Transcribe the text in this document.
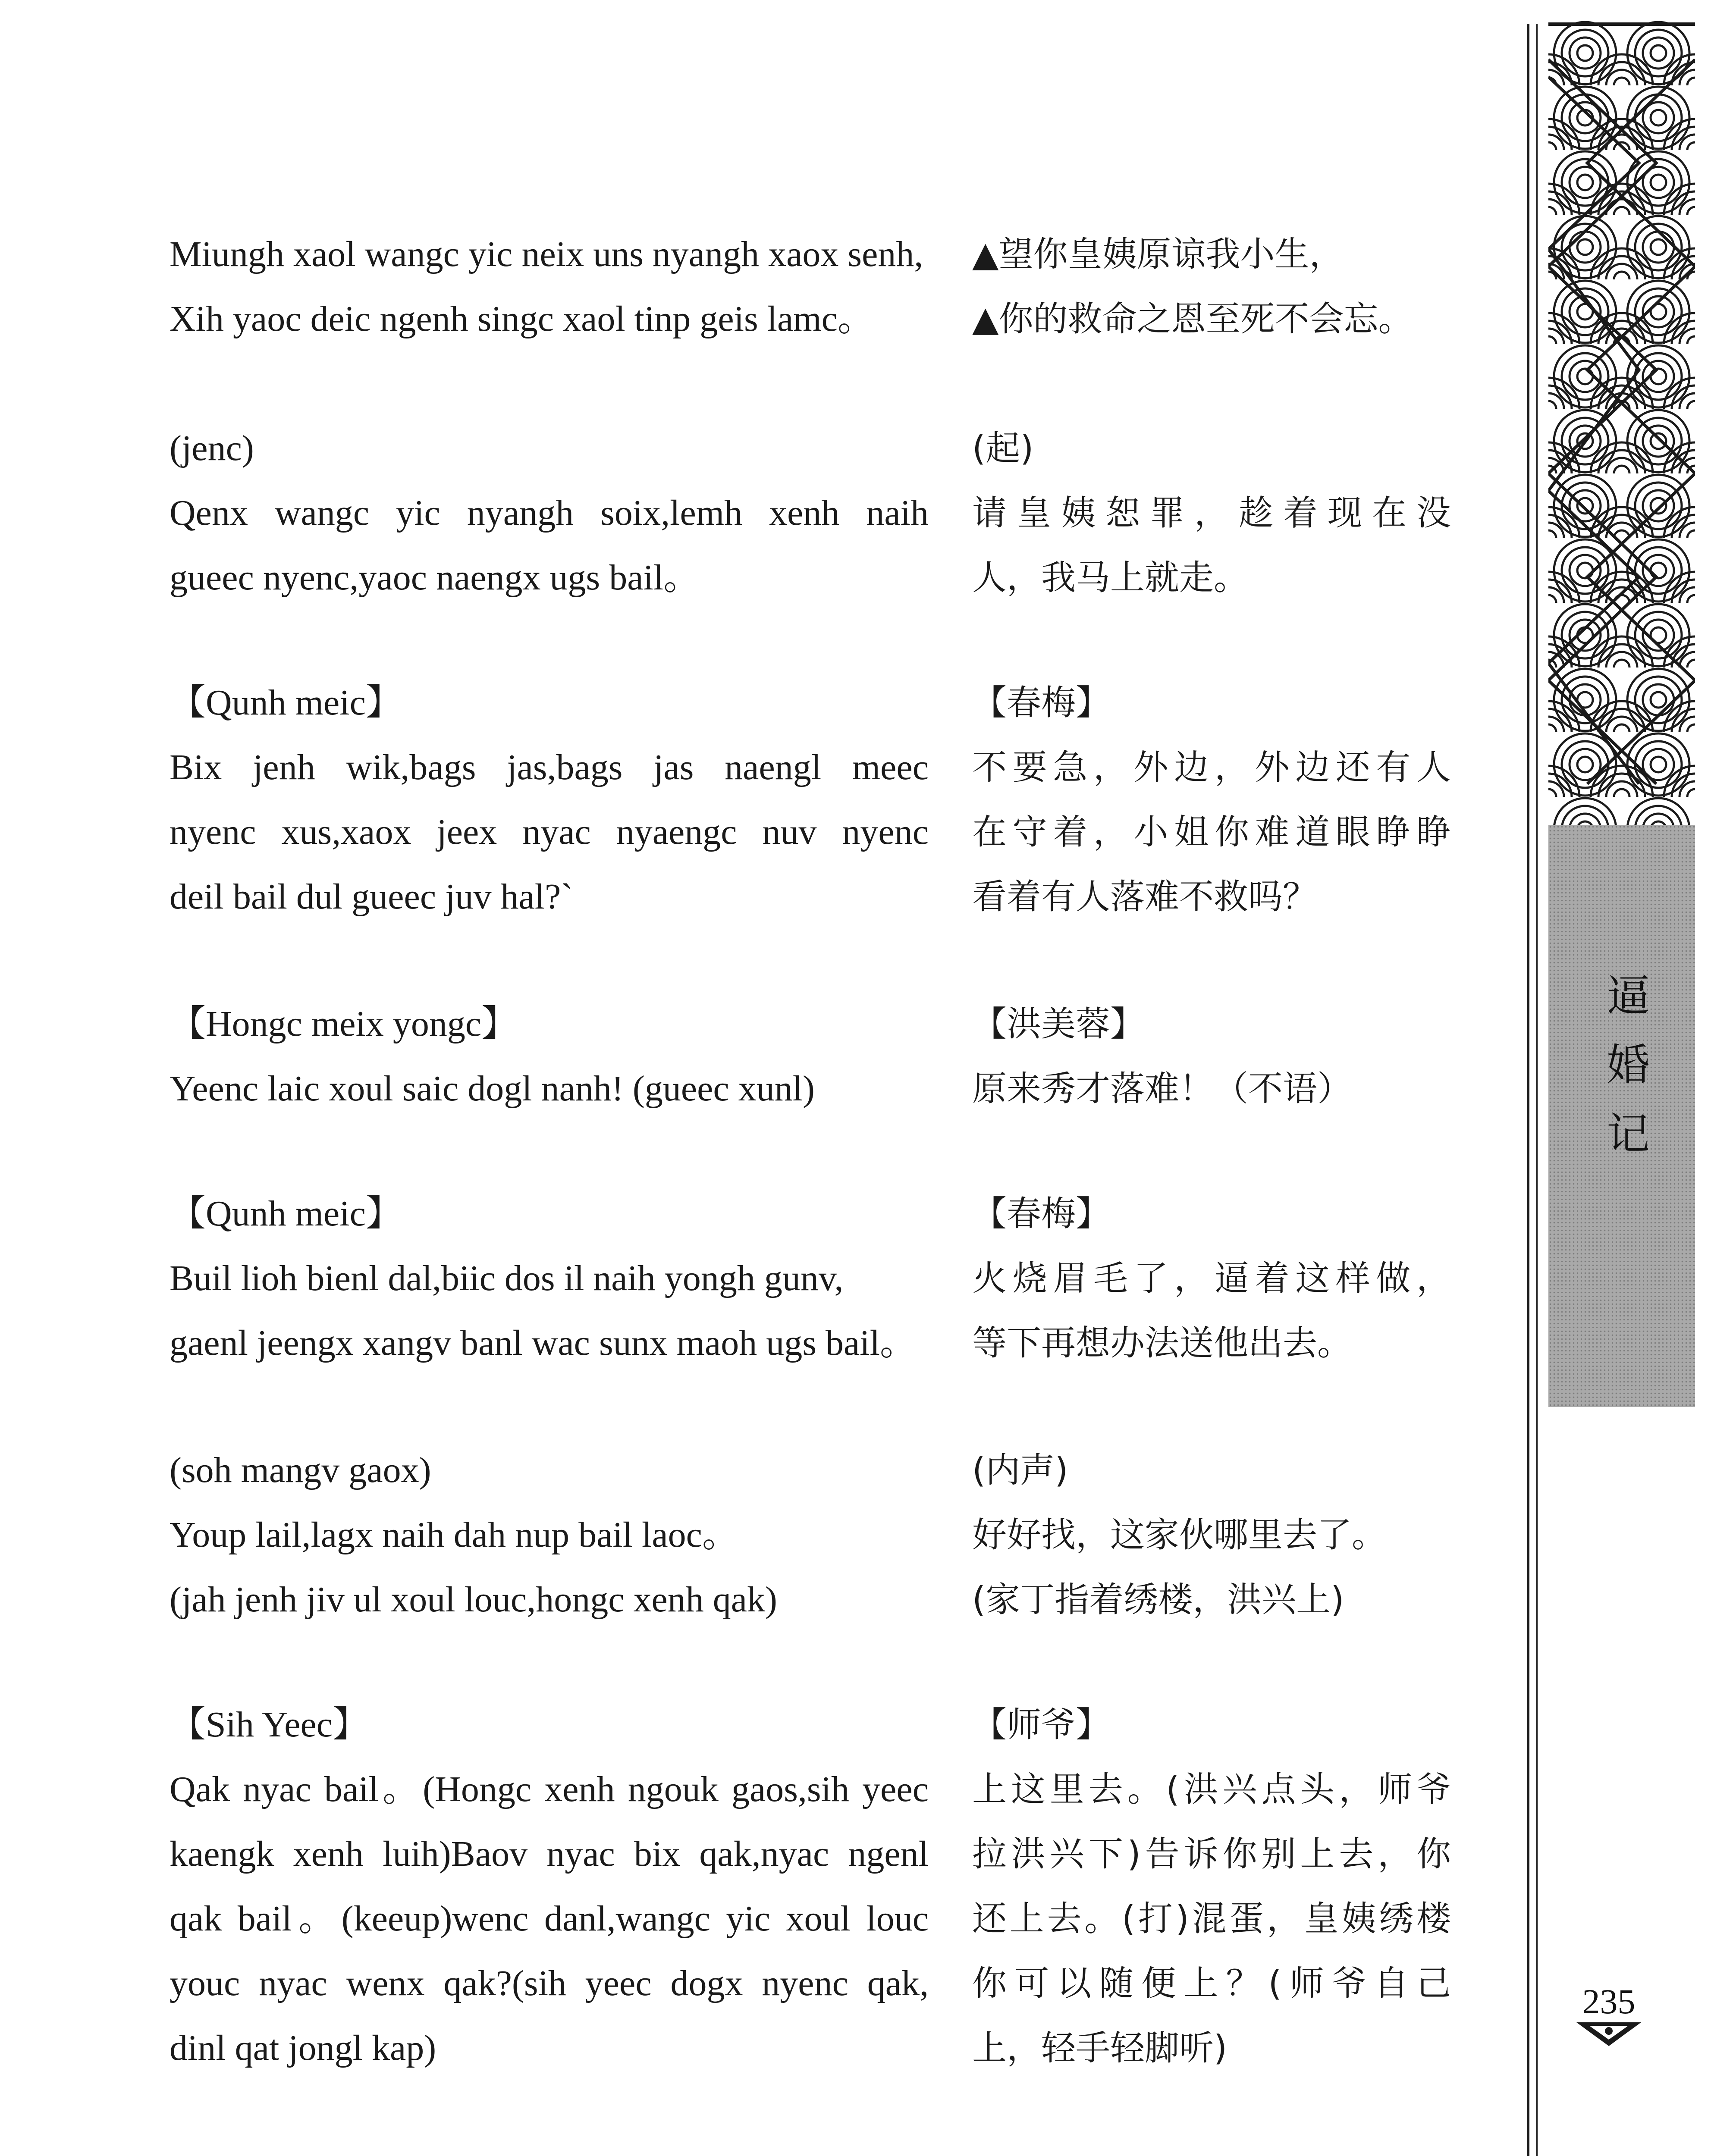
Miungh xaol wangc yic neix uns nyangh xaox senh,
Xih yaoc deic ngenh singc xaol tinp geis lamc。
(jenc)
Qenx wangc yic nyangh soix,lemh xenh naih
gueec nyenc,yaoc naengx ugs bail。
【Qunh meic】
Bix jenh wik,bags jas,bags jas naengl meec
nyenc xus,xaox jeex nyac nyaengc nuv nyenc
deil bail dul gueec juv hal?`
【Hongc meix yongc】
Yeenc laic xoul saic dogl nanh! (gueec xunl)
【Qunh meic】
Buil lioh bienl dal,biic dos il naih yongh gunv,
gaenl jeengx xangv banl wac sunx maoh ugs bail。
(soh mangv gaox)
Youp lail,lagx naih dah nup bail laoc。
(jah jenh jiv ul xoul louc,hongc xenh qak)
【Sih Yeec】
Qak nyac bail。(Hongc xenh ngouk gaos,sih yeec
kaengk xenh luih)Baov nyac bix qak,nyac ngenl
qak bail。(keeup)wenc danl,wangc yic xoul louc
youc nyac wenx qak?(sih yeec dogx nyenc qak,
dinl qat jongl kap)
▲望你皇姨原谅我小生，
▲你的救命之恩至死不会忘。
(起)
请皇姨恕罪，趁着现在没
人，我马上就走。
【春梅】
不要急，外边，外边还有人
在守着，小姐你难道眼睁睁
看着有人落难不救吗？
【洪美蓉】
原来秀才落难！（不语）
【春梅】
火烧眉毛了，逼着这样做，
等下再想办法送他出去。
(内声)
好好找，这家伙哪里去了。
(家丁指着绣楼，洪兴上)
【师爷】
上这里去。(洪兴点头，师爷
拉洪兴下)告诉你别上去，你
还上去。(打)混蛋，皇姨绣楼
你可以随便上？(师爷自己
上，轻手轻脚听)
逼
婚
记
235
